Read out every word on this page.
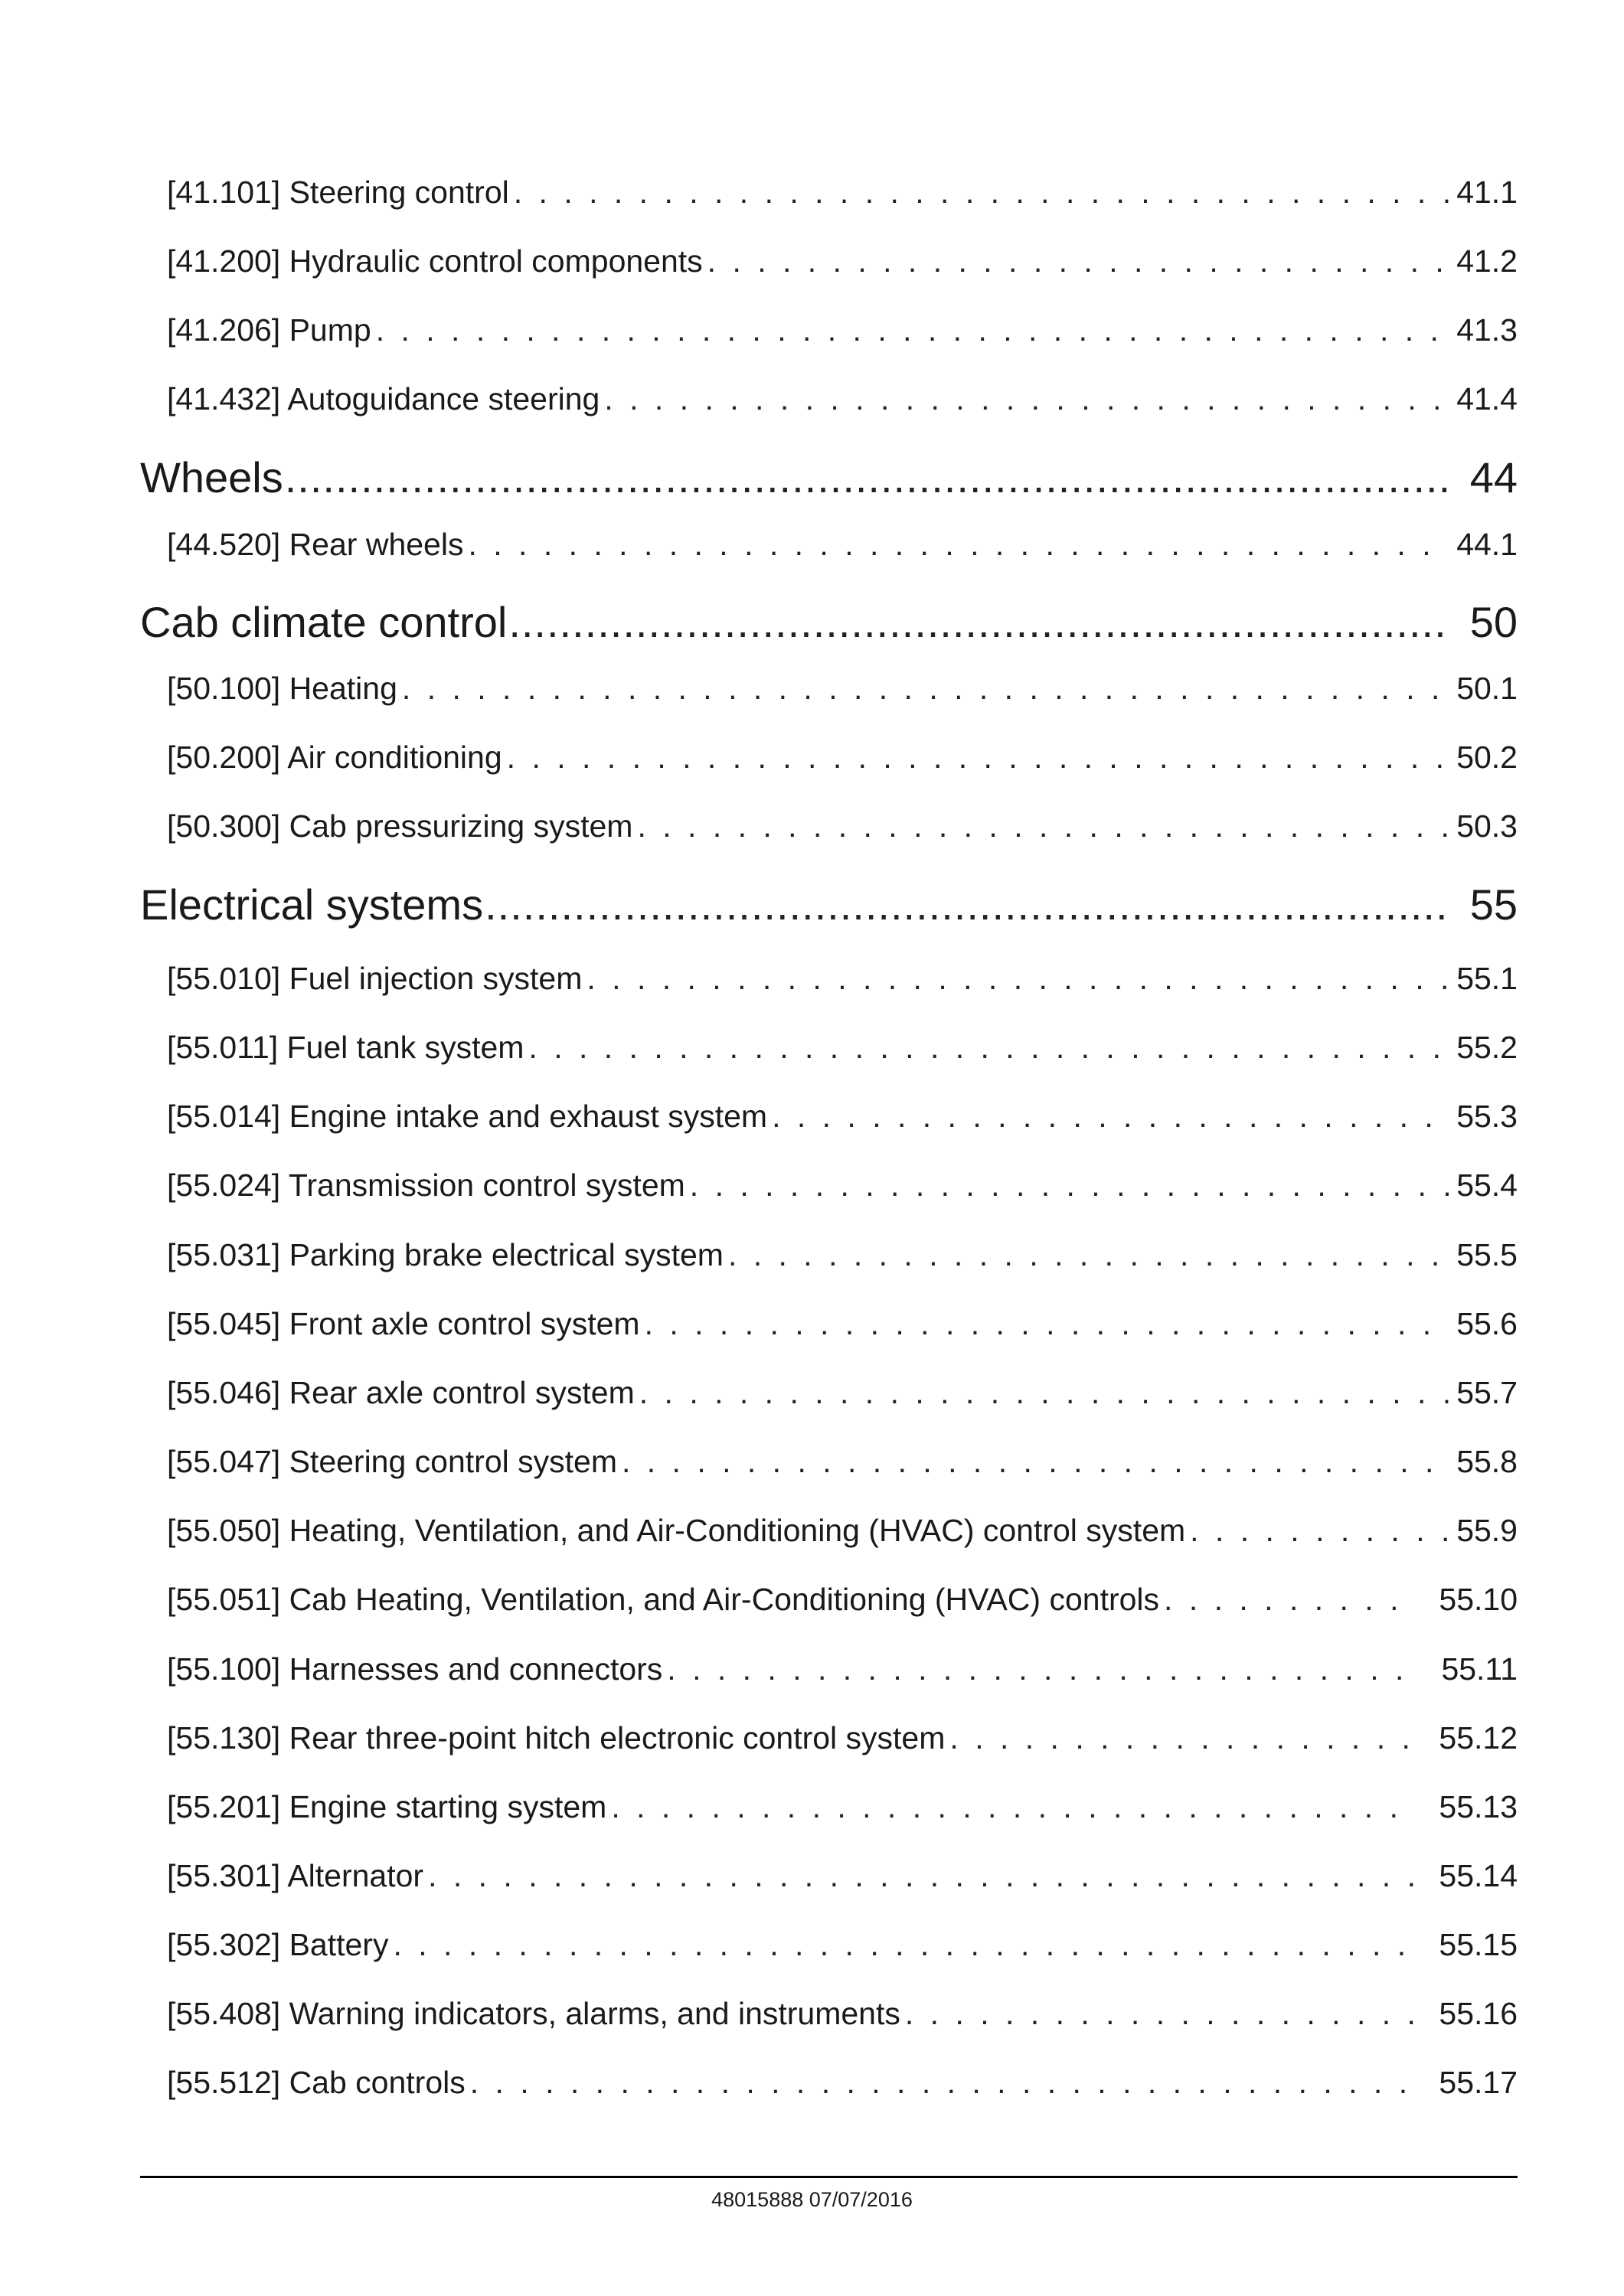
[41.101] Steering control . . .	41.1
[41.200] Hydraulic control components . . .	41.2
[41.206] Pump . . .	41.3
[41.432] Autoguidance steering . . .	41.4
Wheels .....	44
[44.520] Rear wheels . . .	44.1
Cab climate control .....	50
[50.100] Heating . . .	50.1
[50.200] Air conditioning . . .	50.2
[50.300] Cab pressurizing system . . .	50.3
Electrical systems .....	55
[55.010] Fuel injection system . . .	55.1
[55.011] Fuel tank system . . .	55.2
[55.014] Engine intake and exhaust system . . .	55.3
[55.024] Transmission control system . . .	55.4
[55.031] Parking brake electrical system . . .	55.5
[55.045] Front axle control system . . .	55.6
[55.046] Rear axle control system . . .	55.7
[55.047] Steering control system . . .	55.8
[55.050] Heating, Ventilation, and Air-Conditioning (HVAC) control system . . .	55.9
[55.051] Cab Heating, Ventilation, and Air-Conditioning (HVAC) controls . . .	55.10
[55.100] Harnesses and connectors . . .	55.11
[55.130] Rear three-point hitch electronic control system . . .	55.12
[55.201] Engine starting system . . .	55.13
[55.301] Alternator . . .	55.14
[55.302] Battery . . .	55.15
[55.408] Warning indicators, alarms, and instruments . . .	55.16
[55.512] Cab controls . . .	55.17
48015888 07/07/2016
